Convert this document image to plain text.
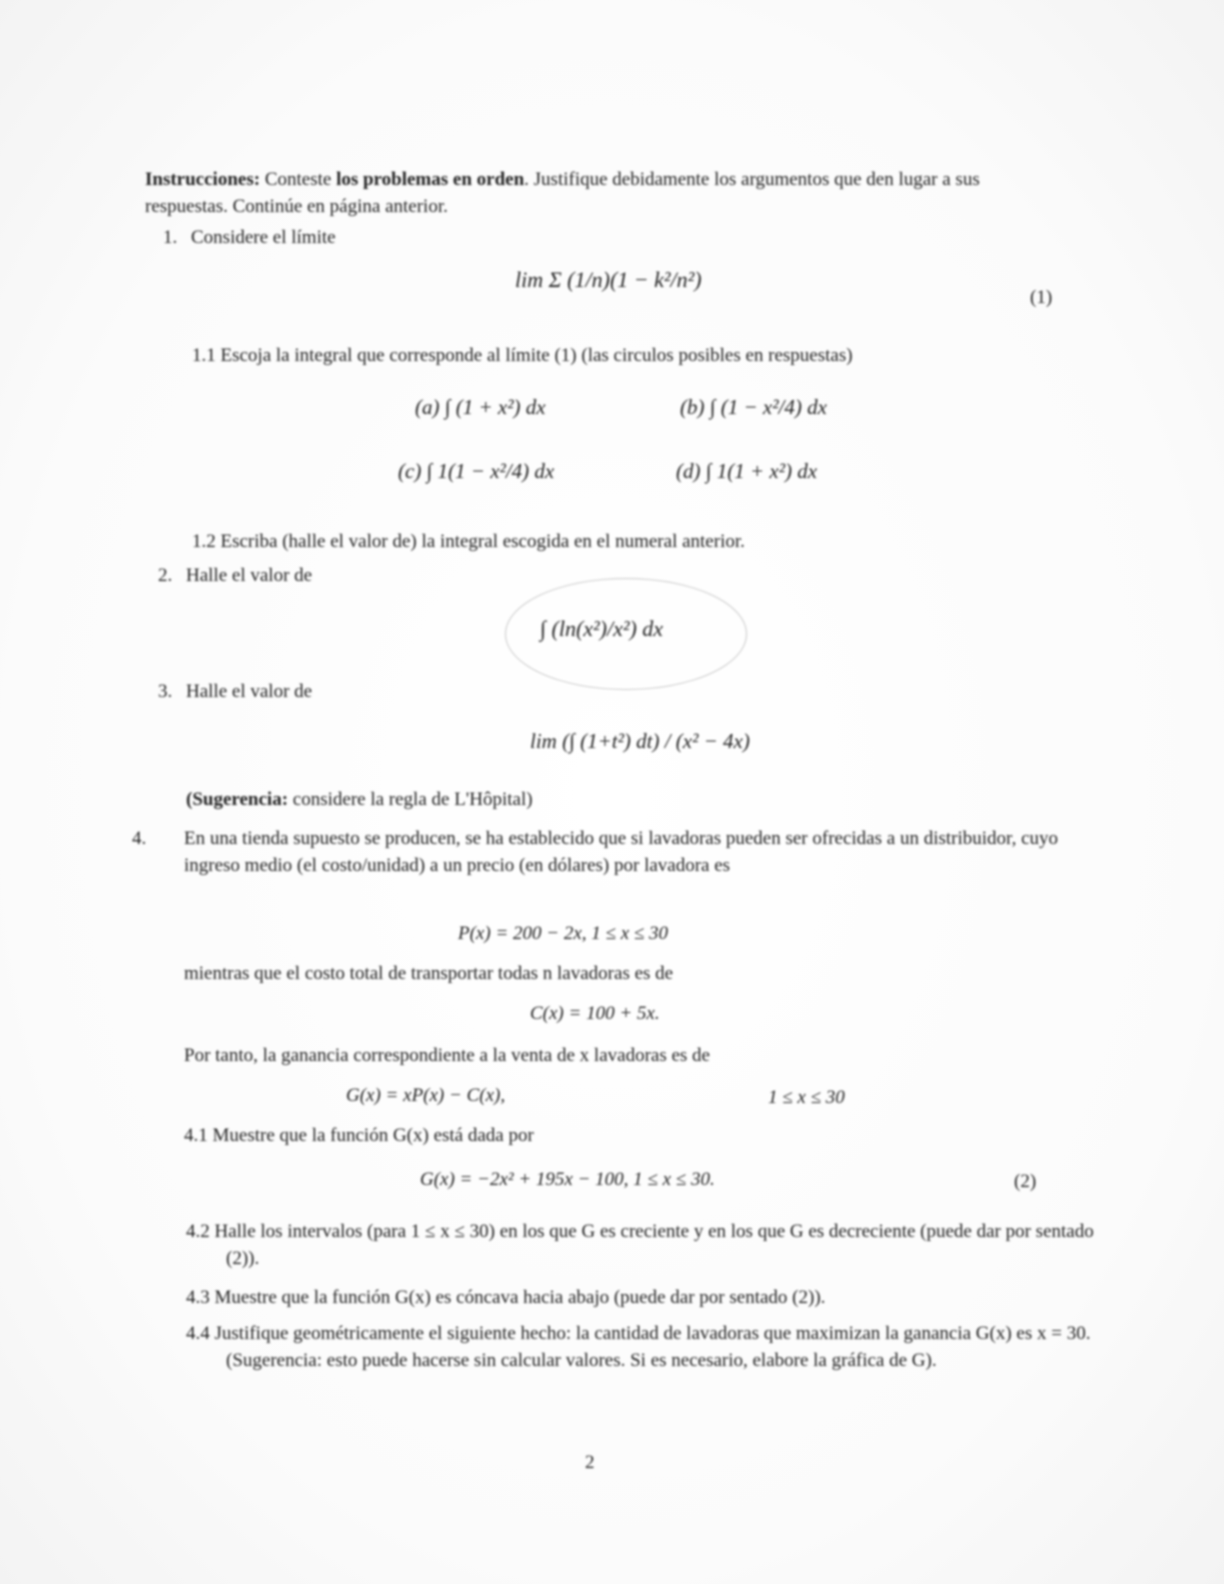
Instrucciones: Conteste los problemas en orden. Justifique debidamente los argumentos que den lugar a sus respuestas. Continúe en página anterior.
1. Considere el límite
lim Σ (1/n)(1 − k²/n²)
(1)
1.1 Escoja la integral que corresponde al límite (1) (las circulos posibles en respuestas)
(a) ∫ (1 + x²) dx	(b) ∫ (1 − x²/4) dx
(c) ∫ 1(1 − x²/4) dx	(d) ∫ 1(1 + x²) dx
1.2 Escriba (halle el valor de) la integral escogida en el numeral anterior.
2. Halle el valor de
∫ (ln(x²)/x²) dx
3. Halle el valor de
lim (∫ (1+t²) dt) / (x² − 4x)
(Sugerencia: considere la regla de L'Hôpital)
4. En una tienda supuesto se producen, se ha establecido que si lavadoras pueden ser ofrecidas a un distribuidor, cuyo ingreso medio (el costo/unidad) a un precio (en dólares) por lavadora es
P(x) = 200 − 2x, 1 ≤ x ≤ 30
mientras que el costo total de transportar todas n lavadoras es de
C(x) = 100 + 5x.
Por tanto, la ganancia correspondiente a la venta de x lavadoras es de
G(x) = xP(x) − C(x),	1 ≤ x ≤ 30
4.1 Muestre que la función G(x) está dada por
G(x) = −2x² + 195x − 100, 1 ≤ x ≤ 30.	(2)
4.2 Halle los intervalos (para 1 ≤ x ≤ 30) en los que G es creciente y en los que G es decreciente (puede dar por sentado (2)).
4.3 Muestre que la función G(x) es cóncava hacia abajo (puede dar por sentado (2)).
4.4 Justifique geométricamente el siguiente hecho: la cantidad de lavadoras que maximizan la ganancia G(x) es x = 30. (Sugerencia: esto puede hacerse sin calcular valores. Si es necesario, elabore la gráfica de G).
2
